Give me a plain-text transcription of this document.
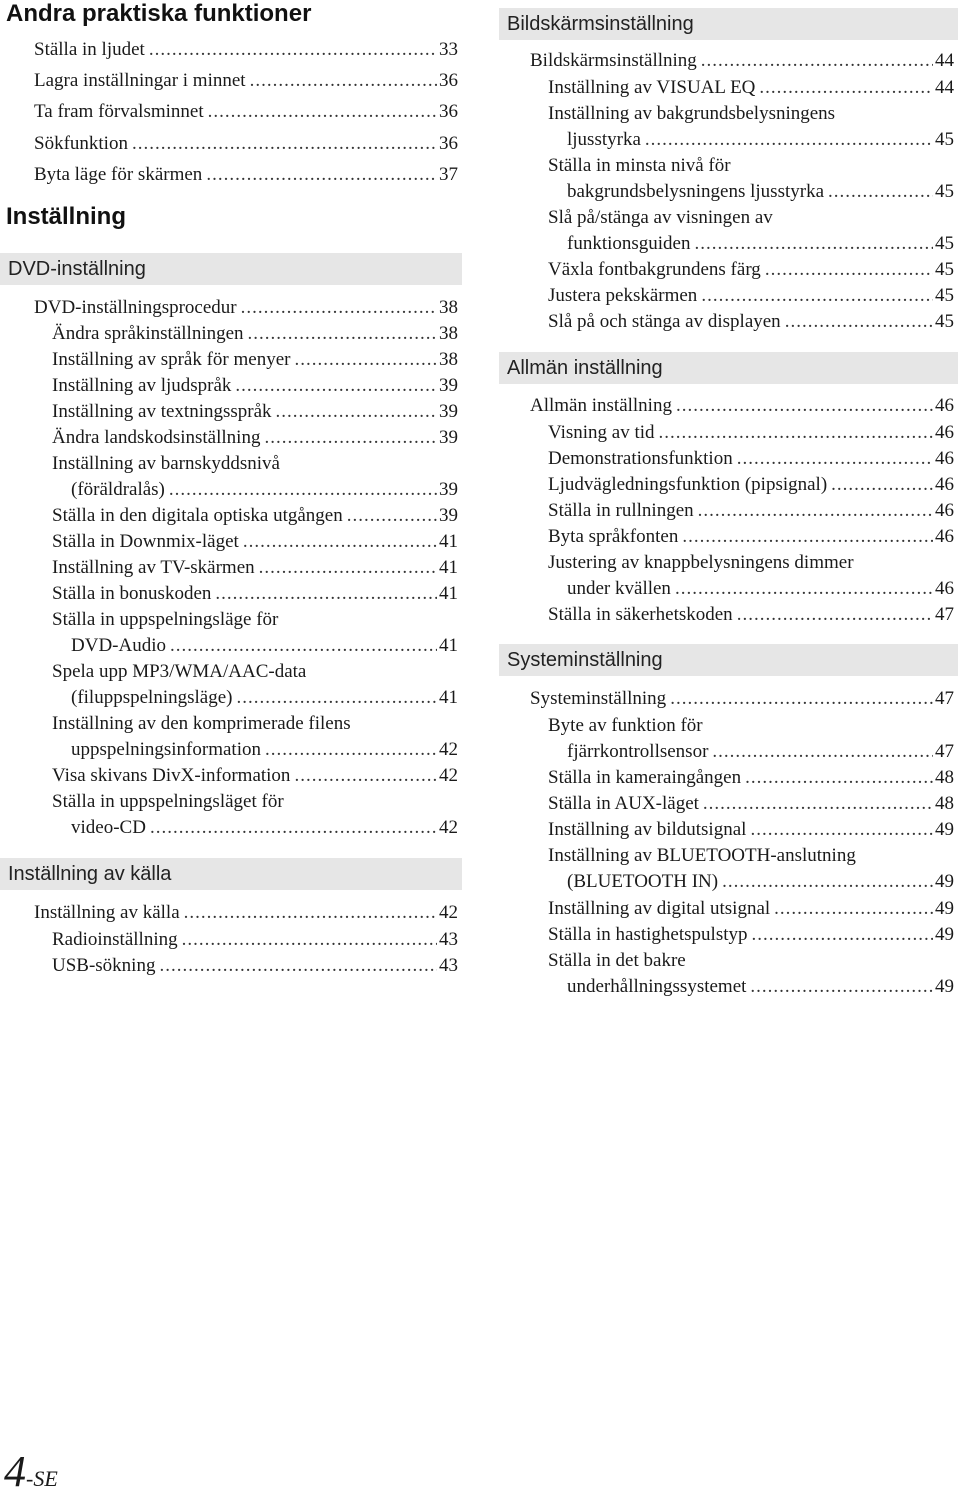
Andra praktiska funktioner
Ställa in ljudet .....	33
Lagra inställningar i minnet .....	36
Ta fram förvalsminnet .....	36
Sökfunktion .....	36
Byta läge för skärmen .....	37
Inställning
DVD-inställning
DVD-inställningsprocedur .....	38
Ändra språkinställningen .....	38
Inställning av språk för menyer .....	38
Inställning av ljudspråk .....	39
Inställning av textningsspråk .....	39
Ändra landskodsinställning .....	39
Inställning av barnskyddsnivå
(föräldralås) .....	39
Ställa in den digitala optiska utgången .....	39
Ställa in Downmix-läget .....	41
Inställning av TV-skärmen .....	41
Ställa in bonuskoden .....	41
Ställa in uppspelningsläge för
DVD-Audio .....	41
Spela upp MP3/WMA/AAC-data
(filuppspelningsläge) .....	41
Inställning av den komprimerade filens
uppspelningsinformation .....	42
Visa skivans DivX-information .....	42
Ställa in uppspelningsläget för
video-CD .....	42
Inställning av källa
Inställning av källa .....	42
Radioinställning .....	43
USB-sökning .....	43
Bildskärmsinställning
Bildskärmsinställning .....	44
Inställning av VISUAL EQ .....	44
Inställning av bakgrundsbelysningens
ljusstyrka .....	45
Ställa in minsta nivå för
bakgrundsbelysningens ljusstyrka .....	45
Slå på/stänga av visningen av
funktionsguiden .....	45
Växla fontbakgrundens färg .....	45
Justera pekskärmen .....	45
Slå på och stänga av displayen .....	45
Allmän inställning
Allmän inställning .....	46
Visning av tid .....	46
Demonstrationsfunktion .....	46
Ljudvägledningsfunktion (pipsignal) .....	46
Ställa in rullningen .....	46
Byta språkfonten .....	46
Justering av knappbelysningens dimmer
under kvällen .....	46
Ställa in säkerhetskoden .....	47
Systeminställning
Systeminställning .....	47
Byte av funktion för
fjärrkontrollsensor .....	47
Ställa in kameraingången .....	48
Ställa in AUX-läget .....	48
Inställning av bildutsignal .....	49
Inställning av BLUETOOTH-anslutning
(BLUETOOTH IN) .....	49
Inställning av digital utsignal .....	49
Ställa in hastighetspulstyp .....	49
Ställa in det bakre
underhållningssystemet .....	49
4-SE
